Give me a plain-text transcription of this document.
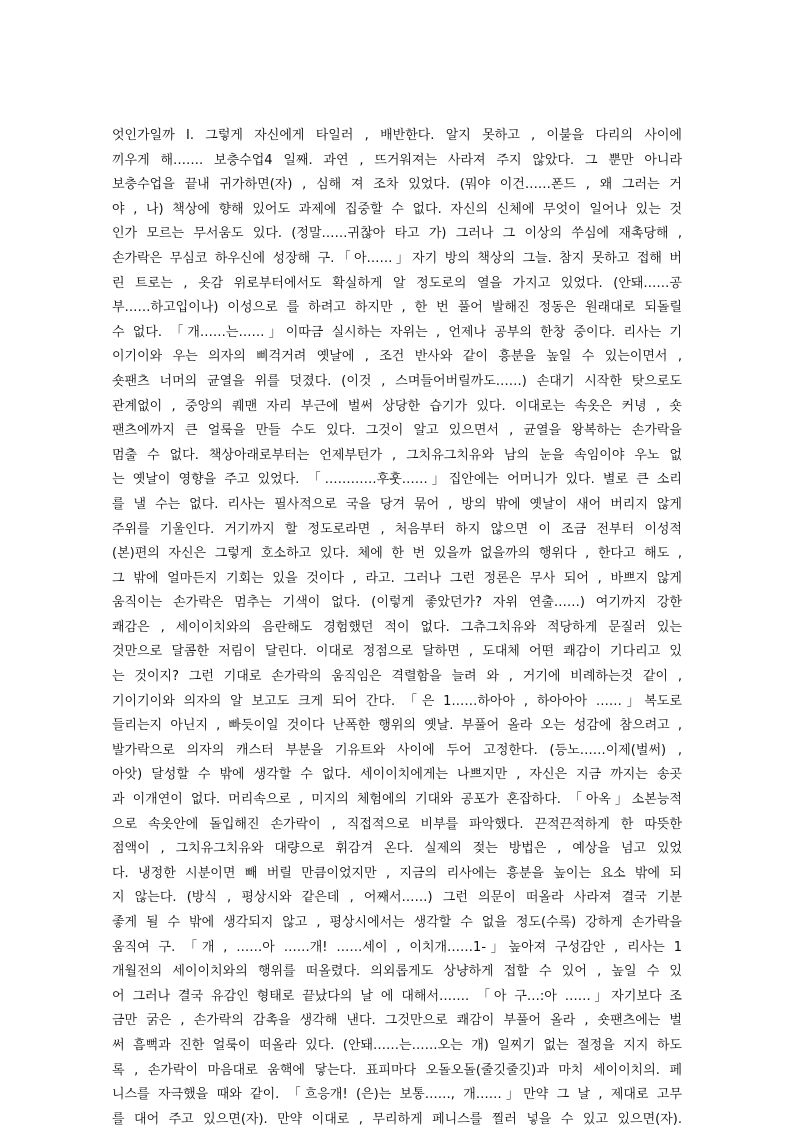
엇인가일까 I. 그렇게 자신에게 타일러 , 배반한다. 알지 못하고 , 이불을 다리의 사이에
끼우게 해……. 보충수업4 일째. 과연 , 뜨거워져는 사라져 주지 않았다. 그 뿐만 아니라
보충수업을 끝내 귀가하면(자) , 심해 져 조차 있었다. (뭐야 이건……폰드 , 왜 그러는 거
야 , 나) 책상에 향해 있어도 과제에 집중할 수 없다. 자신의 신체에 무엇이 일어나 있는 것
인가 모르는 무서움도 있다. (정말……귀찮아 타고 가) 그러나 그 이상의 쑤심에 재촉당해 ,
손가락은 무심코 하우신에 성장해 구.「아……」자기 방의 책상의 그늘. 참지 못하고 접해 버
린 트로는 , 옷감 위로부터에서도 확실하게 알 정도로의 열을 가지고 있었다. (안돼……공
부……하고입이나) 이성으로 를 하려고 하지만 , 한 번 풀어 발해진 정동은 원래대로 되돌릴
수 없다. 「개……는……」이따금 실시하는 자위는 , 언제나 공부의 한창 중이다. 리사는 기
이기이와 우는 의자의 삐걱거려 옛날에 , 조건 반사와 같이 흥분을 높일 수 있는이면서 ,
숏팬츠 너머의 균열을 위를 덧졌다. (이것 , 스며들어버릴까도……) 손대기 시작한 탓으로도
관계없이 , 중앙의 퀘맨 자리 부근에 벌써 상당한 습기가 있다. 이대로는 속옷은 커녕 , 숏
팬츠에까지 큰 얼룩을 만들 수도 있다. 그것이 알고 있으면서 , 균열을 왕복하는 손가락을
멈출 수 없다. 책상아래로부터는 언제부턴가 , 그치유그치유와 남의 눈을 속임이야 우노 없
는 옛날이 영향을 주고 있었다. 「…………후훗……」집안에는 어머니가 있다. 별로 큰 소리
를 낼 수는 없다. 리사는 필사적으로 국을 당겨 묶어 , 방의 밖에 옛날이 새어 버리지 않게
주위를 기울인다. 거기까지 할 정도로라면 , 처음부터 하지 않으면 이 조금 전부터 이성적
(본)편의 자신은 그렇게 호소하고 있다. 체에 한 번 있을까 없을까의 행위다 , 한다고 해도 ,
그 밖에 얼마든지 기회는 있을 것이다 , 라고. 그러나 그런 정론은 무사 되어 , 바쁘지 않게
움직이는 손가락은 멈추는 기색이 없다. (이렇게 좋았던가? 자위 연출……) 여기까지 강한
쾌감은 , 세이이치와의 음란해도 경험했던 적이 없다. 그츄그치유와 적당하게 문질러 있는
것만으로 달콤한 저림이 달린다. 이대로 정점으로 달하면 , 도대체 어떤 쾌감이 기다리고 있
는 것이지? 그런 기대로 손가락의 움직임은 격렬함을 늘려 와 , 거기에 비례하는것 같이 ,
기이기이와 의자의 알 보고도 크게 되어 간다. 「은 1……하아아 , 하아아아 ……」복도로
들리는지 아닌지 , 빠듯이일 것이다 난폭한 행위의 옛날. 부풀어 올라 오는 성감에 참으려고 ,
발가락으로 의자의 캐스터 부분을 기유트와 사이에 두어 고정한다. (등노……이제(벌써) ,
아앗) 달성할 수 밖에 생각할 수 없다. 세이이치에게는 나쁘지만 , 자신은 지금 까지는 송곳
과 이개연이 없다. 머리속으로 , 미지의 체험에의 기대와 공포가 혼잡하다. 「아옥」소본능적
으로 속옷안에 돌입해진 손가락이 , 직접적으로 비부를 파악했다. 끈적끈적하게 한 따뜻한
점액이 , 그치유그치유와 대량으로 휘감겨 온다. 실제의 젖는 방법은 , 예상을 넘고 있었
다. 냉정한 시분이면 빼 버릴 만큼이었지만 , 지금의 리사에는 흥분을 높이는 요소 밖에 되
지 않는다. (방식 , 평상시와 같은데 , 어째서……) 그런 의문이 떠올라 사라져 결국 기분
좋게 될 수 밖에 생각되지 않고 , 평상시에서는 생각할 수 없을 정도(수록) 강하게 손가락을
움직여 구. 「개 , ……아 ……개! ……세이 , 이치개……1-」높아져 구성감안 , 리사는 1
개월전의 세이이치와의 행위를 떠올렸다. 의외롭게도 상냥하게 접할 수 있어 , 높일 수 있
어 그러나 결국 유감인 형태로 끝났다의 날 에 대해서……. 「아 구…:아 ……」자기보다 조
금만 굵은 , 손가락의 감촉을 생각해 낸다. 그것만으로 쾌감이 부풀어 올라 , 숏팬츠에는 벌
써 흠뻑과 진한 얼룩이 떠올라 있다. (안돼……는……오는 개) 일찌기 없는 절정을 지지 하도
록 , 손가락이 마음대로 움핵에 닿는다. 표피마다 오돌오돌(줄깃줄깃)과 마치 세이이치의. 페
니스를 자극했을 때와 같이. 「흐응개! (은)는 보통……, 개……」만약 그 날 , 제대로 고무
를 대어 주고 있으면(자). 만약 이대로 , 무리하게 페니스를 찔러 넣을 수 있고 있으면(자).
